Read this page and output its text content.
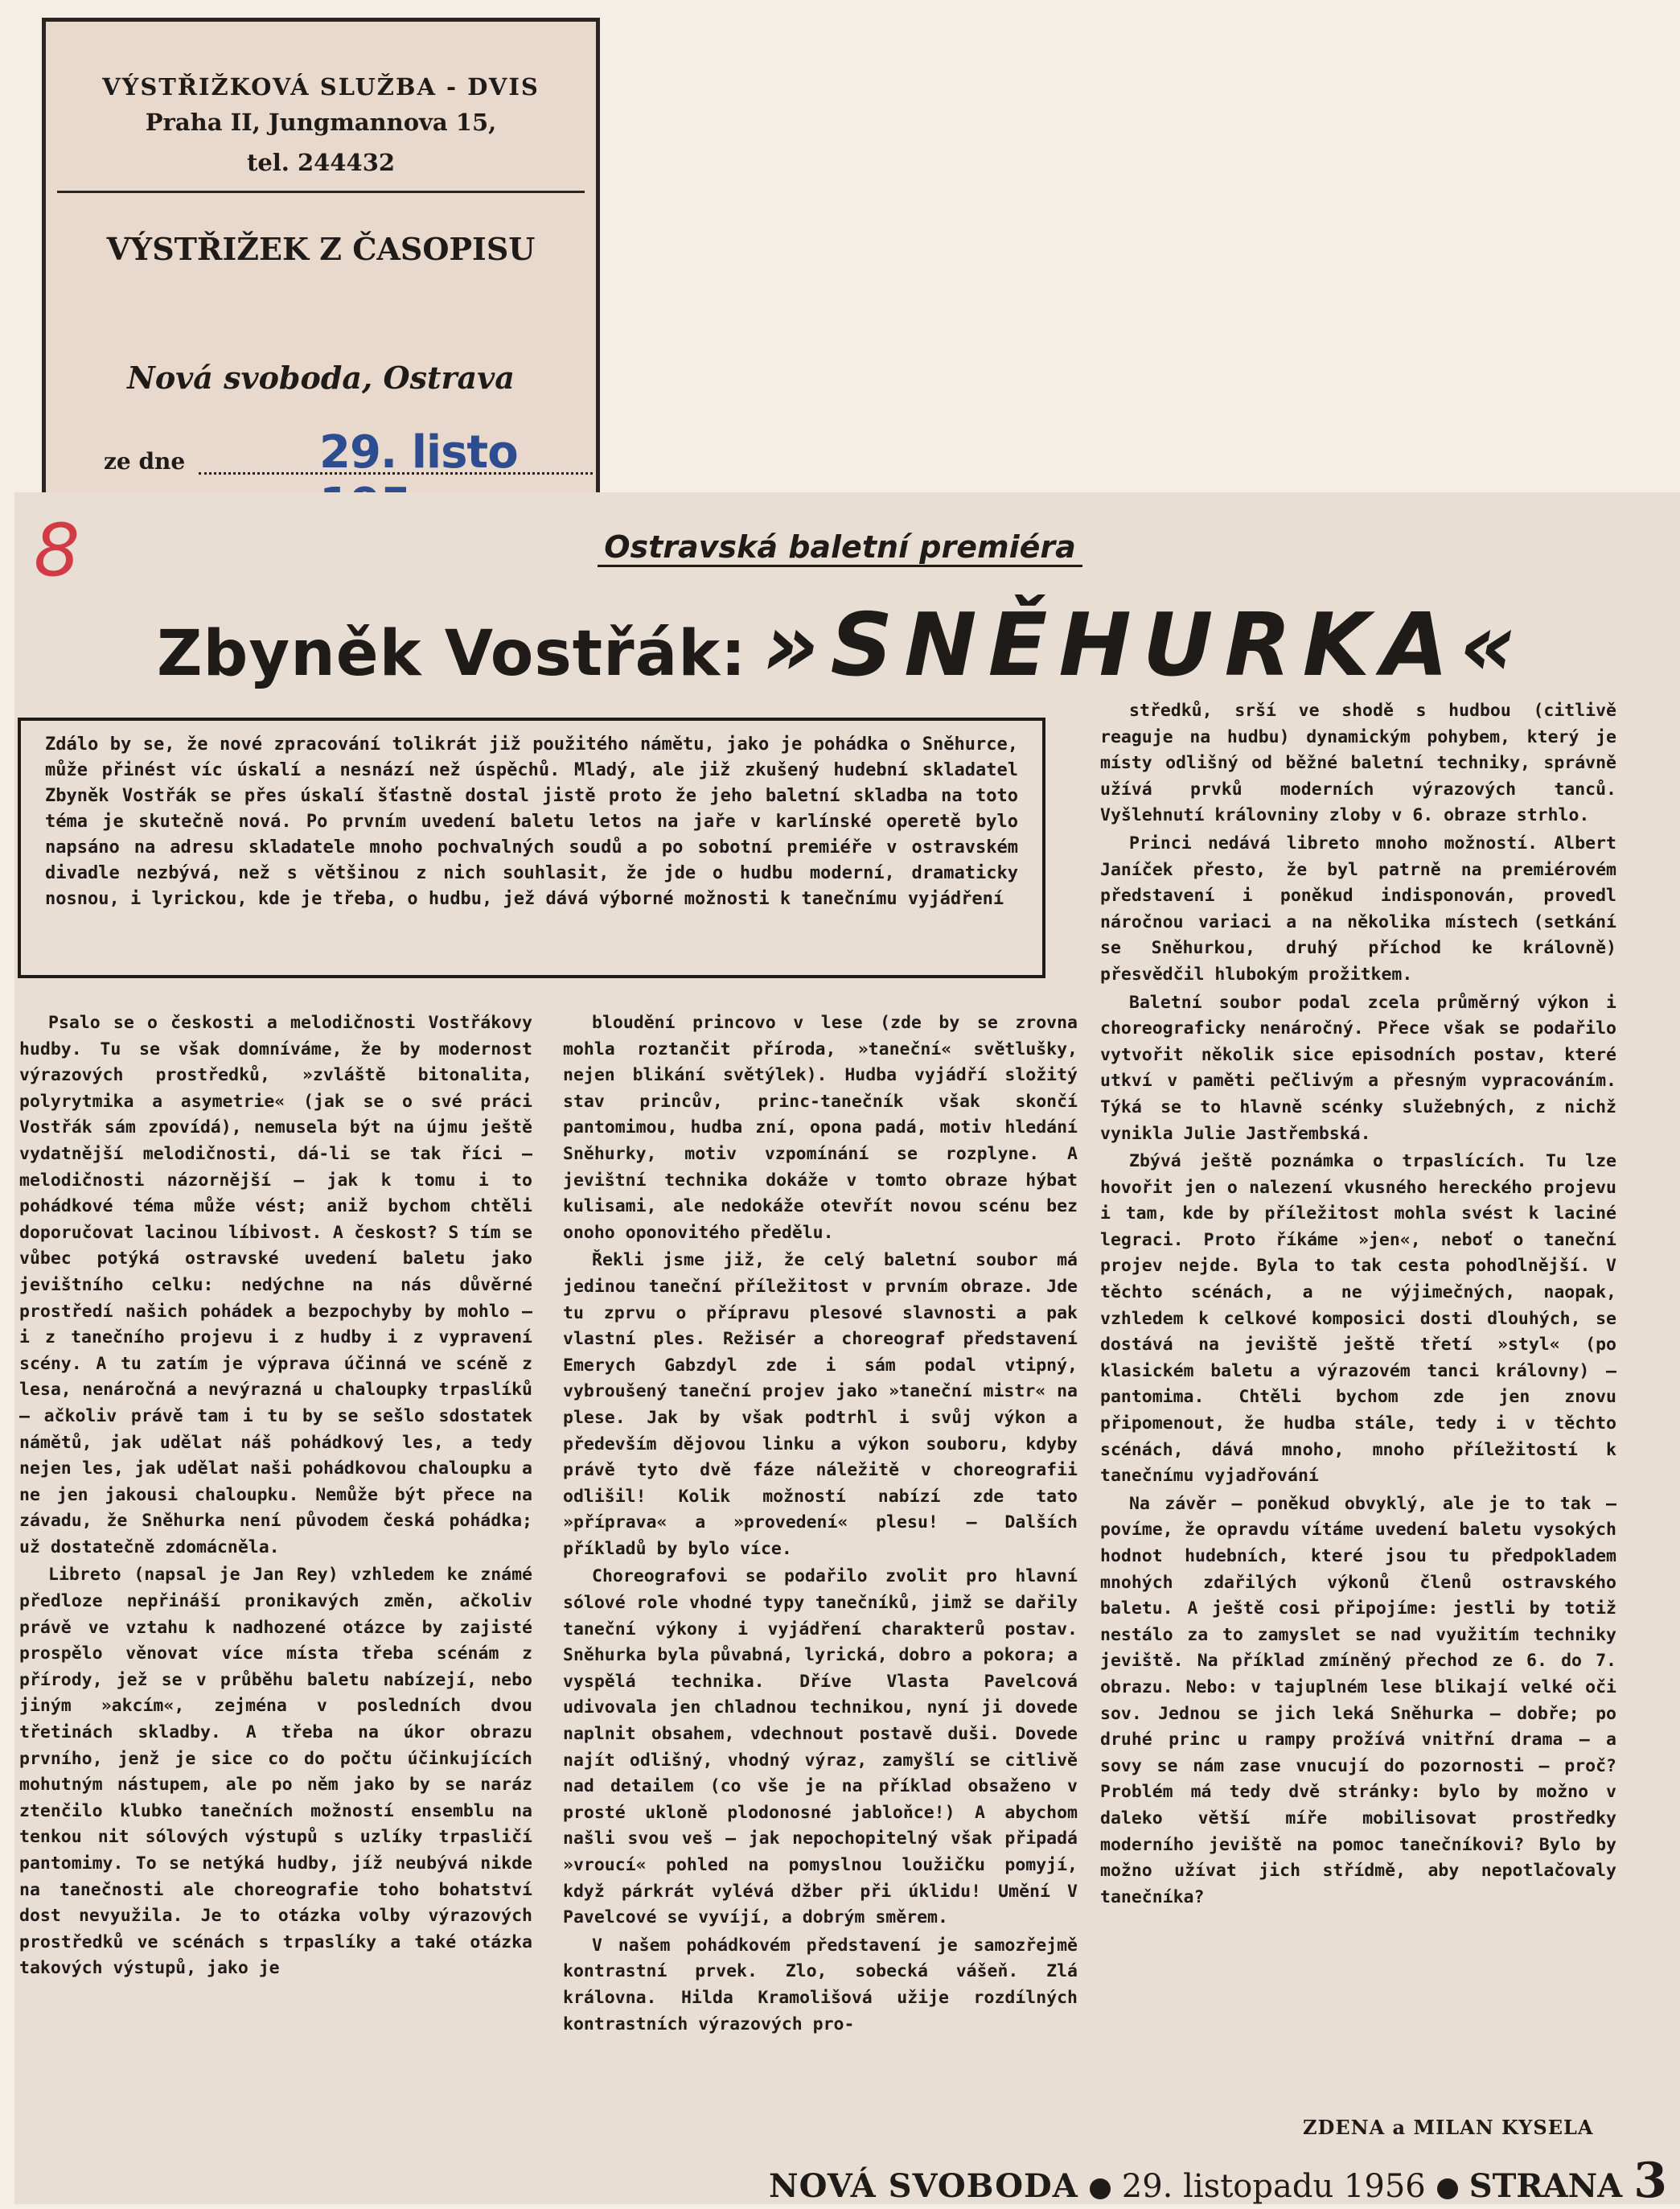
VÝSTŘIŽKOVÁ SLUŽBA - DVIS
Praha II, Jungmannova 15,
tel. 244432
VÝSTŘIŽEK Z ČASOPISU
Nová svoboda, Ostrava
ze dne	29. listo
8	Ostravská baletní premiéra
Zbyněk Vostřák: »SNĚHURKA«
Zdálo by se, že nové zpracování tolikrát již použitého námětu, jako je pohádka o Sněhurce, může přinést víc úskalí a nesnází než úspěchů. Mladý, ale již zkušený hudební skladatel Zbyněk Vostřák se přes úskalí šťastně dostal jistě proto že jeho baletní skladba na toto téma je skutečně nová. Po prvním uvedení baletu letos na jaře v karlínské operetě bylo napsáno na adresu skladatele mnoho pochvalných soudů a po sobotní premiéře v ostravském divadle nezbývá, než s většinou z nich souhlasit, že jde o hudbu moderní, dramaticky nosnou, i lyrickou, kde je třeba, o hudbu, jež dává výborné možnosti k tanečnímu vyjádření

Psalo se o českosti a melodičnosti Vostřákovy hudby. Tu se však domníváme, že by modernost výrazových prostředků, »zvláště bitonalita, polyrytmika a asymetrie« (jak se o své práci Vostřák sám zpovídá), nemusela být na újmu ještě vydatnější melodičnosti, dá-li se tak říci — melodičnosti názornější — jak k tomu i to pohádkové téma může vést; aniž bychom chtěli doporučovat lacinou líbivost. A českost? S tím se vůbec potýká ostravské uvedení baletu jako jevištního celku: nedýchne na nás důvěrné prostředí našich pohádek a bezpochyby by mohlo — i z tanečního projevu i z hudby i z vypravení scény. A tu zatím je výprava účinná ve scéně z lesa, nenáročná a nevýrazná u chaloupky trpaslíků — ačkoliv právě tam i tu by se sešlo sdostatek námětů, jak udělat náš pohádkový les, a tedy nejen les, jak udělat naši pohádkovou chaloupku a ne jen jakousi chaloupku. Nemůže být přece na závadu, že Sněhurka není původem česká pohádka; už dostatečně zdomácněla.

Libreto (napsal je Jan Rey) vzhledem ke známé předloze nepřináší pronikavých změn, ačkoliv právě ve vztahu k nadhozené otázce by zajisté prospělo věnovat více místa třeba scénám z přírody, jež se v průběhu baletu nabízejí, nebo jiným »akcím«, zejména v posledních dvou třetinách skladby. A třeba na úkor obrazu prvního, jenž je sice co do počtu účinkujících mohutným nástupem, ale po něm jako by se naráz ztenčilo klubko tanečních možností ensemblu na tenkou nit sólových výstupů s uzlíky trpasličí pantomimy. To se netýká hudby, jíž neubývá nikde na tanečnosti ale choreografie toho bohatství dost nevyužila. Je to otázka volby výrazových prostředků ve scénách s trpaslíky a také otázka takových výstupů, jako je

bloudění princovo v lese (zde by se zrovna mohla roztančit příroda, »taneční« světlušky, nejen blikání světýlek). Hudba vyjádří složitý stav princův, princ-tanečník však skončí pantomimou, hudba zní, opona padá, motiv hledání Sněhurky, motiv vzpomínání se rozplyne. A jevištní technika dokáže v tomto obraze hýbat kulisami, ale nedokáže otevřít novou scénu bez onoho oponovitého předělu.

Řekli jsme již, že celý baletní soubor má jedinou taneční příležitost v prvním obraze. Jde tu zprvu o přípravu plesové slavnosti a pak vlastní ples. Režisér a choreograf představení Emerych Gabzdyl zde i sám podal vtipný, vybroušený taneční projev jako »taneční mistr« na plese. Jak by však podtrhl i svůj výkon a především dějovou linku a výkon souboru, kdyby právě tyto dvě fáze náležitě v choreografii odlišil! Kolik možností nabízí zde tato »příprava« a »provedení« plesu! — Dalších příkladů by bylo více.

Choreografovi se podařilo zvolit pro hlavní sólové role vhodné typy tanečníků, jimž se dařily taneční výkony i vyjádření charakterů postav. Sněhurka byla půvabná, lyrická, dobro a pokora; a vyspělá technika. Dříve Vlasta Pavelcová udivovala jen chladnou technikou, nyní ji dovede naplnit obsahem, vdechnout postavě duši. Dovede najít odlišný, vhodný výraz, zamyšlí se citlivě nad detailem (co vše je na příklad obsaženo v prosté ukloně plodonosné jabloňce!) A abychom našli svou veš — jak nepochopitelný však připadá »vroucí« pohled na pomyslnou loužičku pomyjí, když párkrát vylévá džber při úklidu! Umění V Pavelcové se vyvíjí, a dobrým směrem.

V našem pohádkovém představení je samozřejmě kontrastní prvek. Zlo, sobecká vášeň. Zlá královna. Hilda Kramolišová užije rozdílných kontrastních výrazových pro-

středků, srší ve shodě s hudbou (citlivě reaguje na hudbu) dynamickým pohybem, který je místy odlišný od běžné baletní techniky, správně užívá prvků moderních výrazových tanců. Vyšlehnutí královniny zloby v 6. obraze strhlo.

Princi nedává libreto mnoho možností. Albert Janíček přesto, že byl patrně na premiérovém představení i poněkud indisponován, provedl náročnou variaci a na několika místech (setkání se Sněhurkou, druhý příchod ke královně) přesvědčil hlubokým prožitkem.

Baletní soubor podal zcela průměrný výkon i choreograficky nenáročný. Přece však se podařilo vytvořit několik sice episodních postav, které utkví v paměti pečlivým a přesným vypracováním. Týká se to hlavně scénky služebných, z nichž vynikla Julie Jastřembská.

Zbývá ještě poznámka o trpaslících. Tu lze hovořit jen o nalezení vkusného hereckého projevu i tam, kde by příležitost mohla svést k laciné legraci. Proto říkáme »jen«, neboť o taneční projev nejde. Byla to tak cesta pohodlnější. V těchto scénách, a ne výjimečných, naopak, vzhledem k celkové komposici dosti dlouhých, se dostává na jeviště ještě třetí »styl« (po klasickém baletu a výrazovém tanci královny) — pantomima. Chtěli bychom zde jen znovu připomenout, že hudba stále, tedy i v těchto scénách, dává mnoho, mnoho příležitostí k tanečnímu vyjadřování

Na závěr — poněkud obvyklý, ale je to tak — povíme, že opravdu vítáme uvedení baletu vysokých hodnot hudebních, které jsou tu předpokladem mnohých zdařilých výkonů členů ostravského baletu. A ještě cosi připojíme: jestli by totiž nestálo za to zamyslet se nad využitím techniky jeviště. Na příklad zmíněný přechod ze 6. do 7. obrazu. Nebo: v tajuplném lese blikají velké oči sov. Jednou se jich leká Sněhurka — dobře; po druhé princ u rampy prožívá vnitřní drama — a sovy se nám zase vnucují do pozornosti — proč? Problém má tedy dvě stránky: bylo by možno v daleko větší míře mobilisovat prostředky moderního jeviště na pomoc tanečníkovi? Bylo by možno užívat jich střídmě, aby nepotlačovaly tanečníka?

ZDENA a MILAN KYSELA
NOVÁ SVOBODA 29. listopadu 1956 STRANA 3
